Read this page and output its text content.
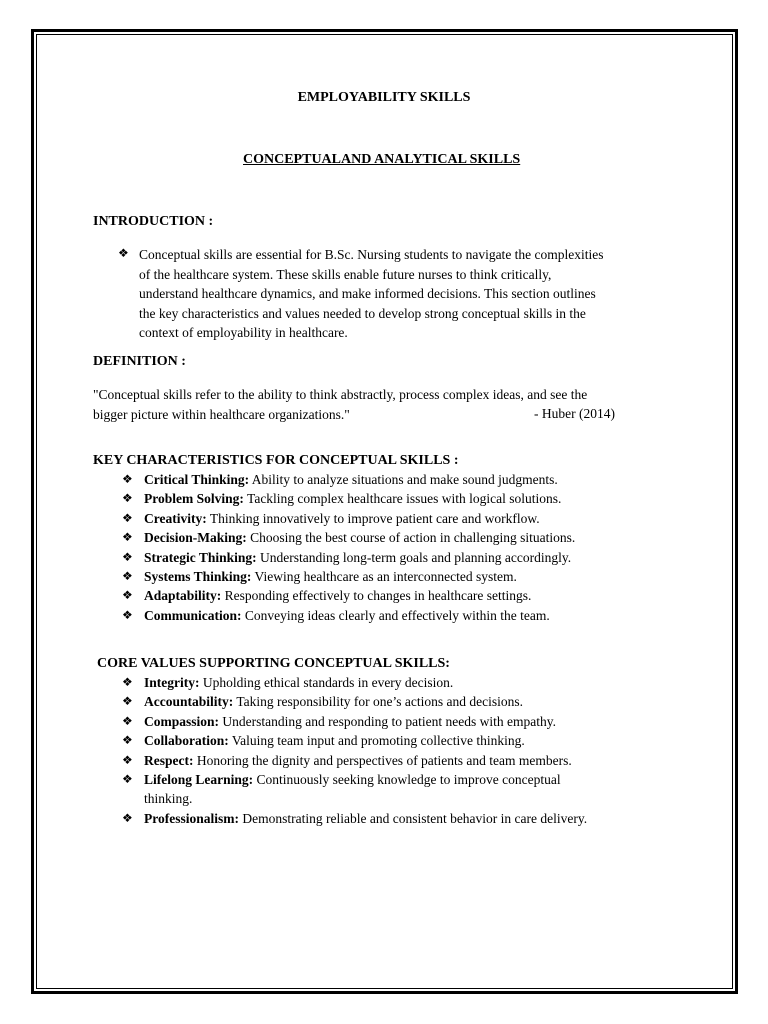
EMPLOYABILITY SKILLS
CONCEPTUALAND ANALYTICAL SKILLS
INTRODUCTION :
❖ Conceptual skills are essential for B.Sc. Nursing students to navigate the complexities
of the healthcare system. These skills enable future nurses to think critically,
understand healthcare dynamics, and make informed decisions. This section outlines
the key characteristics and values needed to develop strong conceptual skills in the
context of employability in healthcare.
DEFINITION :
"Conceptual skills refer to the ability to think abstractly, process complex ideas, and see the
bigger picture within healthcare organizations."	- Huber (2014)
KEY CHARACTERISTICS FOR CONCEPTUAL SKILLS :
❖ Critical Thinking: Ability to analyze situations and make sound judgments.
❖ Problem Solving: Tackling complex healthcare issues with logical solutions.
❖ Creativity: Thinking innovatively to improve patient care and workflow.
❖ Decision-Making: Choosing the best course of action in challenging situations.
❖ Strategic Thinking: Understanding long-term goals and planning accordingly.
❖ Systems Thinking: Viewing healthcare as an interconnected system.
❖ Adaptability: Responding effectively to changes in healthcare settings.
❖ Communication: Conveying ideas clearly and effectively within the team.
CORE VALUES SUPPORTING CONCEPTUAL SKILLS:
❖ Integrity: Upholding ethical standards in every decision.
❖ Accountability: Taking responsibility for one’s actions and decisions.
❖ Compassion: Understanding and responding to patient needs with empathy.
❖ Collaboration: Valuing team input and promoting collective thinking.
❖ Respect: Honoring the dignity and perspectives of patients and team members.
❖ Lifelong Learning: Continuously seeking knowledge to improve conceptual
thinking.
❖ Professionalism: Demonstrating reliable and consistent behavior in care delivery.
